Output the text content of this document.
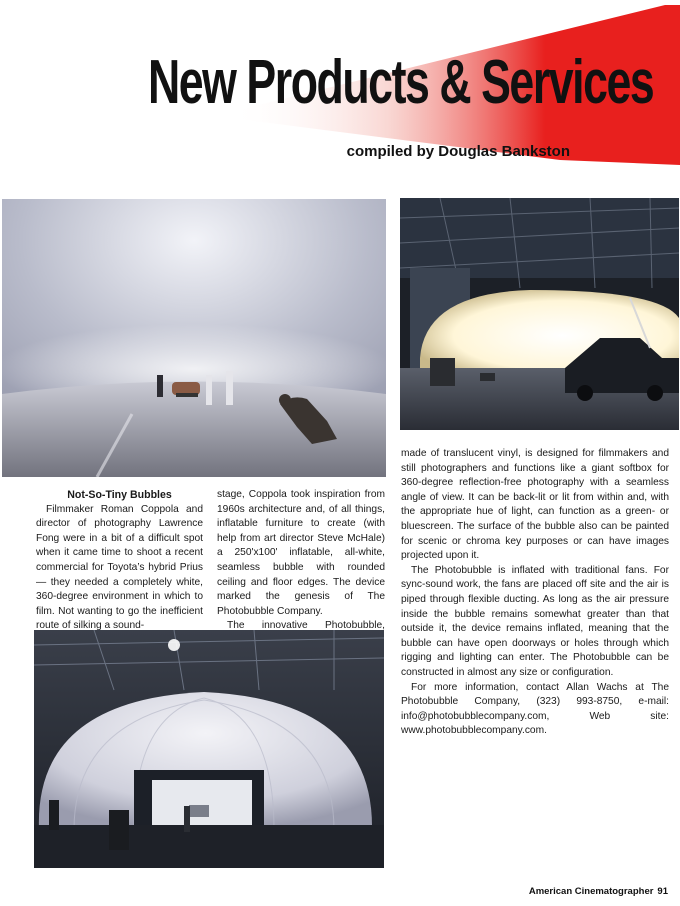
New Products & Services
compiled by Douglas Bankston
Not-So-Tiny Bubbles

Filmmaker Roman Coppola and director of photography Lawrence Fong were in a bit of a difficult spot when it came time to shoot a recent commercial for Toyota’s hybrid Prius — they needed a completely white, 360-degree environment in which to film. Not wanting to go the inefficient route of silking a sound-

stage, Coppola took inspiration from 1960s architecture and, of all things, inflatable furniture to create (with help from art director Steve McHale) a 250'x100' inflatable, all-white, seamless bubble with rounded ceiling and floor edges. The device marked the genesis of The Photobubble Company.

The innovative Photobubble,

made of translucent vinyl, is designed for filmmakers and still photographers and functions like a giant softbox for 360-degree reflection-free photography with a seamless angle of view. It can be back-lit or lit from within and, with the appropriate hue of light, can function as a green- or bluescreen. The surface of the bubble also can be painted for scenic or chroma key purposes or can have images projected upon it.

The Photobubble is inflated with traditional fans. For sync-sound work, the fans are placed off site and the air is piped through flexible ducting. As long as the air pressure inside the bubble remains somewhat greater than that outside it, the device remains inflated, meaning that the bubble can have open doorways or holes through which rigging and lighting can enter. The Photobubble can be constructed in almost any size or configuration.

For more information, contact Allan Wachs at The Photobubble Company, (323) 993-8750, e-mail: info@photobubblecompany.com, Web site: www.photobubblecompany.com.

American Cinematographer 91
